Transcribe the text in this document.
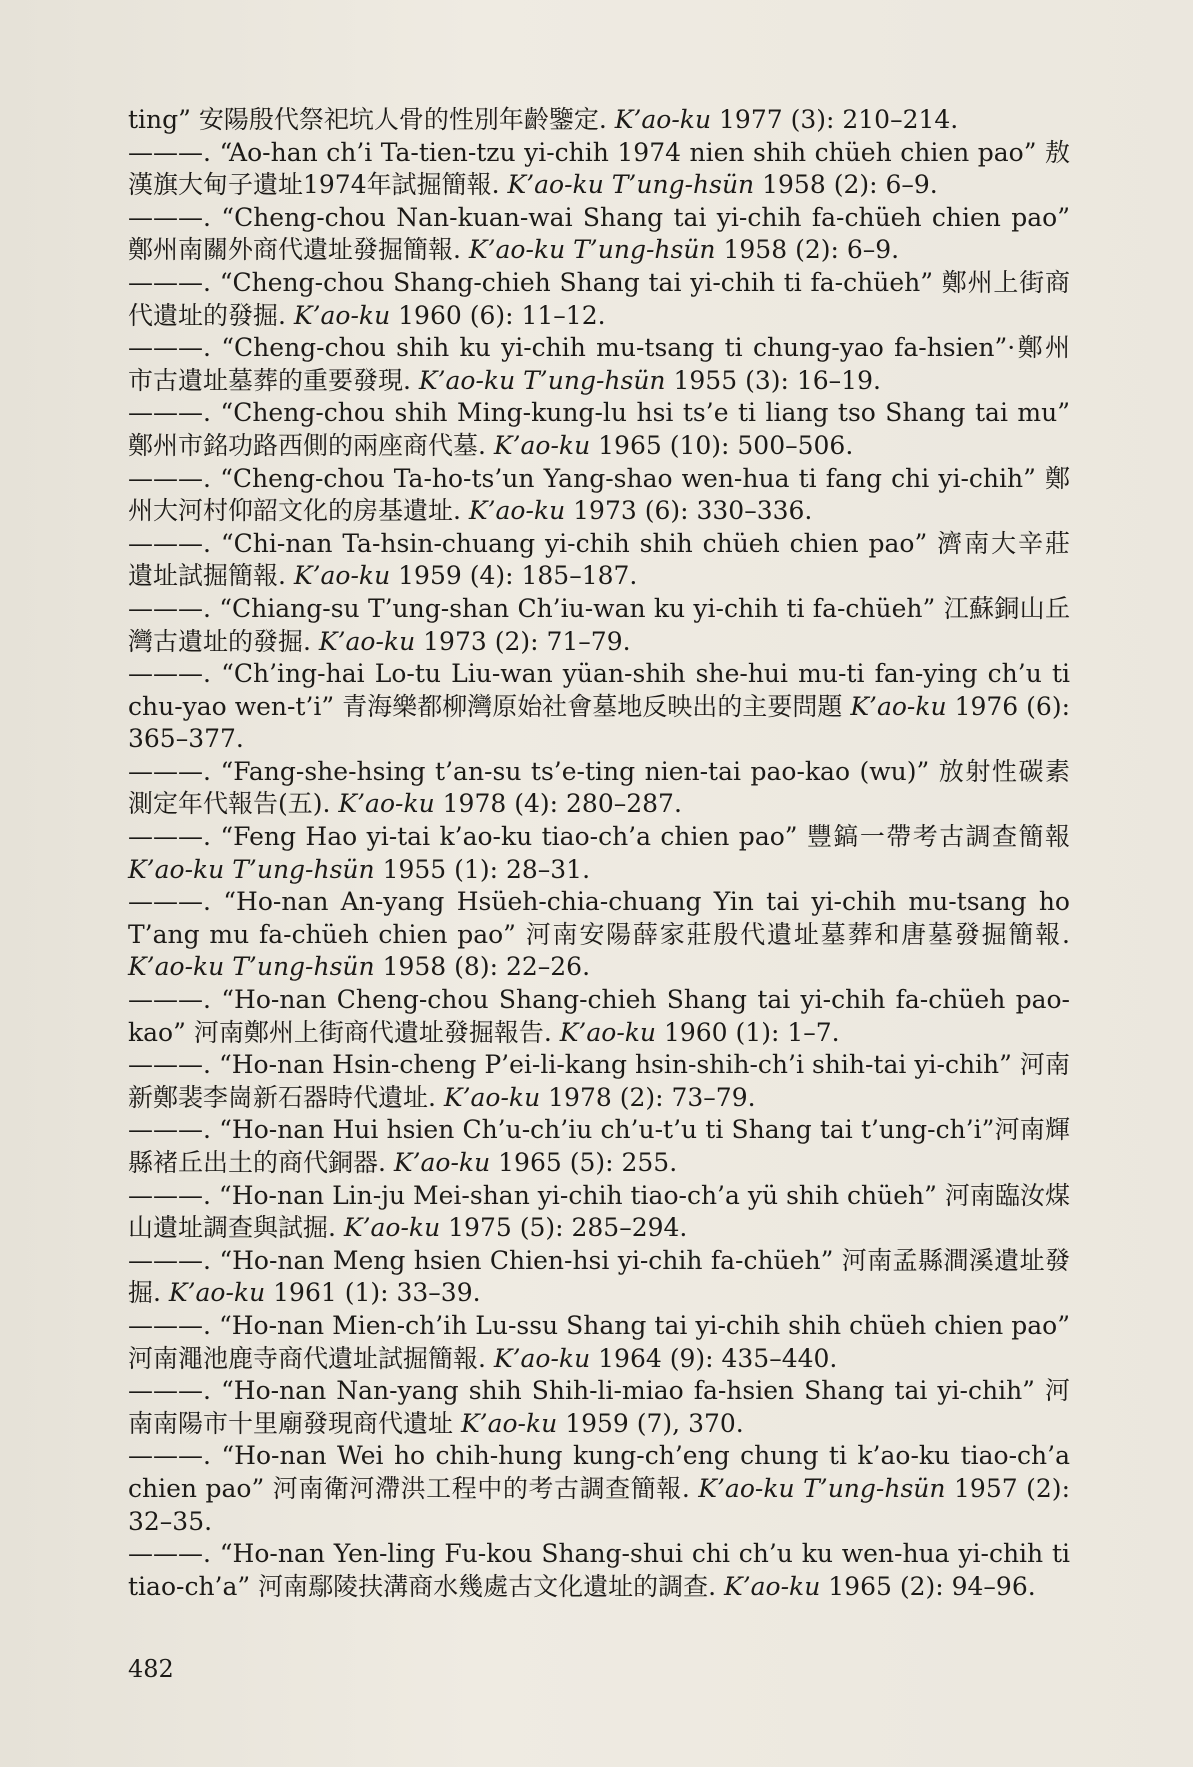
ting” 安陽殷代祭祀坑人骨的性別年齡鑒定. K’ao-ku 1977 (3): 210–214.

———. “Ao-han ch’i Ta-tien-tzu yi-chih 1974 nien shih chüeh chien pao” 敖漢旗大甸子遺址1974年試掘簡報. K’ao-ku T’ung-hsün 1958 (2): 6–9.

———. “Cheng-chou Nan-kuan-wai Shang tai yi-chih fa-chüeh chien pao” 鄭州南關外商代遺址發掘簡報. K’ao-ku T’ung-hsün 1958 (2): 6–9.

———. “Cheng-chou Shang-chieh Shang tai yi-chih ti fa-chüeh” 鄭州上街商代遺址的發掘. K’ao-ku 1960 (6): 11–12.

———. “Cheng-chou shih ku yi-chih mu-tsang ti chung-yao fa-hsien”·鄭州市古遺址墓葬的重要發現. K’ao-ku T’ung-hsün 1955 (3): 16–19.

———. “Cheng-chou shih Ming-kung-lu hsi ts’e ti liang tso Shang tai mu” 鄭州市銘功路西側的兩座商代墓. K’ao-ku 1965 (10): 500–506.

———. “Cheng-chou Ta-ho-ts’un Yang-shao wen-hua ti fang chi yi-chih” 鄭州大河村仰韶文化的房基遺址. K’ao-ku 1973 (6): 330–336.

———. “Chi-nan Ta-hsin-chuang yi-chih shih chüeh chien pao” 濟南大辛莊遺址試掘簡報. K’ao-ku 1959 (4): 185–187.

———. “Chiang-su T’ung-shan Ch’iu-wan ku yi-chih ti fa-chüeh” 江蘇銅山丘灣古遺址的發掘. K’ao-ku 1973 (2): 71–79.

———. “Ch’ing-hai Lo-tu Liu-wan yüan-shih she-hui mu-ti fan-ying ch’u ti chu-yao wen-t’i” 青海樂都柳灣原始社會墓地反映出的主要問題 K’ao-ku 1976 (6): 365–377.

———. “Fang-she-hsing t’an-su ts’e-ting nien-tai pao-kao (wu)” 放射性碳素測定年代報告(五). K’ao-ku 1978 (4): 280–287.

———. “Feng Hao yi-tai k’ao-ku tiao-ch’a chien pao” 豐鎬一帶考古調查簡報 K’ao-ku T’ung-hsün 1955 (1): 28–31.

———. “Ho-nan An-yang Hsüeh-chia-chuang Yin tai yi-chih mu-tsang ho T’ang mu fa-chüeh chien pao” 河南安陽薛家莊殷代遺址墓葬和唐墓發掘簡報. K’ao-ku T’ung-hsün 1958 (8): 22–26.

———. “Ho-nan Cheng-chou Shang-chieh Shang tai yi-chih fa-chüeh pao-kao” 河南鄭州上街商代遺址發掘報告. K’ao-ku 1960 (1): 1–7.

———. “Ho-nan Hsin-cheng P’ei-li-kang hsin-shih-ch’i shih-tai yi-chih” 河南新鄭裴李崗新石器時代遺址. K’ao-ku 1978 (2): 73–79.

———. “Ho-nan Hui hsien Ch’u-ch’iu ch’u-t’u ti Shang tai t’ung-ch’i”河南輝縣褚丘出土的商代銅器. K’ao-ku 1965 (5): 255.

———. “Ho-nan Lin-ju Mei-shan yi-chih tiao-ch’a yü shih chüeh” 河南臨汝煤山遺址調查與試掘. K’ao-ku 1975 (5): 285–294.

———. “Ho-nan Meng hsien Chien-hsi yi-chih fa-chüeh” 河南孟縣澗溪遺址發掘. K’ao-ku 1961 (1): 33–39.

———. “Ho-nan Mien-ch’ih Lu-ssu Shang tai yi-chih shih chüeh chien pao” 河南澠池鹿寺商代遺址試掘簡報. K’ao-ku 1964 (9): 435–440.

———. “Ho-nan Nan-yang shih Shih-li-miao fa-hsien Shang tai yi-chih” 河南南陽市十里廟發現商代遺址 K’ao-ku 1959 (7), 370.

———. “Ho-nan Wei ho chih-hung kung-ch’eng chung ti k’ao-ku tiao-ch’a chien pao” 河南衛河滯洪工程中的考古調查簡報. K’ao-ku T’ung-hsün 1957 (2): 32–35.

———. “Ho-nan Yen-ling Fu-kou Shang-shui chi ch’u ku wen-hua yi-chih ti tiao-ch’a” 河南鄢陵扶溝商水幾處古文化遺址的調查. K’ao-ku 1965 (2): 94–96.

482
